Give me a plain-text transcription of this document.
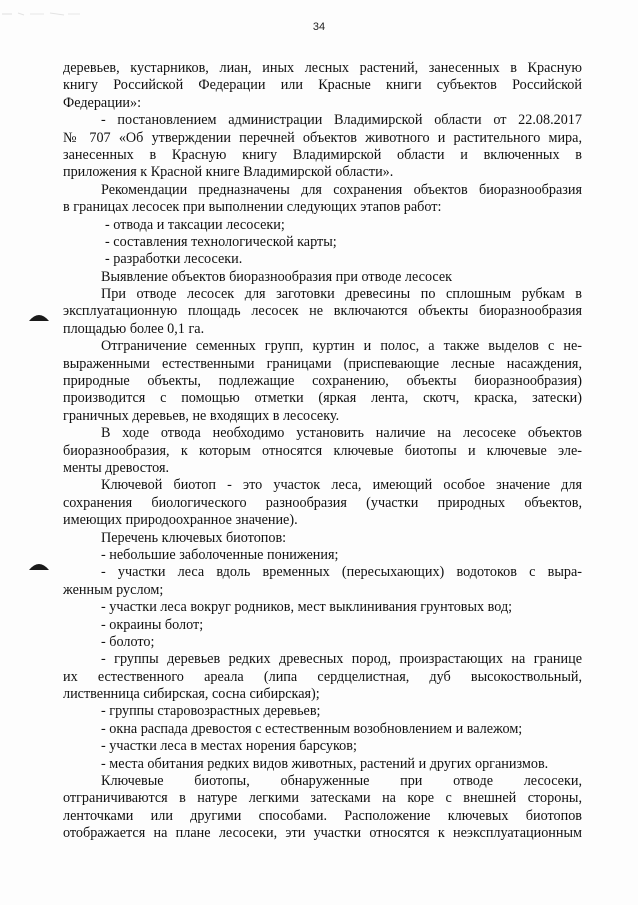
34
деревьев, кустарников, лиан, иных лесных растений, занесенных в Красную
книгу Российской Федерации или Красные книги субъектов Российской
Федерации»:
- постановлением администрации Владимирской области от 22.08.2017
№ 707 «Об утверждении перечней объектов животного и растительного мира,
занесенных в Красную книгу Владимирской области и включенных в
приложения к Красной книге Владимирской области».
Рекомендации предназначены для сохранения объектов биоразнообразия
в границах лесосек при выполнении следующих этапов работ:
- отвода и таксации лесосеки;
- составления технологической карты;
- разработки лесосеки.
Выявление объектов биоразнообразия при отводе лесосек
При отводе лесосек для заготовки древесины по сплошным рубкам в
эксплуатационную площадь лесосек не включаются объекты биоразнообразия
площадью более 0,1 га.
Отграничение семенных групп, куртин и полос, а также выделов с не-
выраженными естественными границами (приспевающие лесные насаждения,
природные объекты, подлежащие сохранению, объекты биоразнообразия)
производится с помощью отметки (яркая лента, скотч, краска, затески)
граничных деревьев, не входящих в лесосеку.
В ходе отвода необходимо установить наличие на лесосеке объектов
биоразнообразия, к которым относятся ключевые биотопы и ключевые эле-
менты древостоя.
Ключевой биотоп - это участок леса, имеющий особое значение для
сохранения биологического разнообразия (участки природных объектов,
имеющих природоохранное значение).
Перечень ключевых биотопов:
- небольшие заболоченные понижения;
- участки леса вдоль временных (пересыхающих) водотоков с выра-
женным руслом;
- участки леса вокруг родников, мест выклинивания грунтовых вод;
- окраины болот;
- болото;
- группы деревьев редких древесных пород, произрастающих на границе
их естественного ареала (липа сердцелистная, дуб высокоствольный,
лиственница сибирская, сосна сибирская);
- группы старовозрастных деревьев;
- окна распада древостоя с естественным возобновлением и валежом;
- участки леса в местах норения барсуков;
- места обитания редких видов животных, растений и других организмов.
Ключевые биотопы, обнаруженные при отводе лесосеки,
отграничиваются в натуре легкими затесками на коре с внешней стороны,
ленточками или другими способами. Расположение ключевых биотопов
отображается на плане лесосеки, эти участки относятся к неэксплуатационным
